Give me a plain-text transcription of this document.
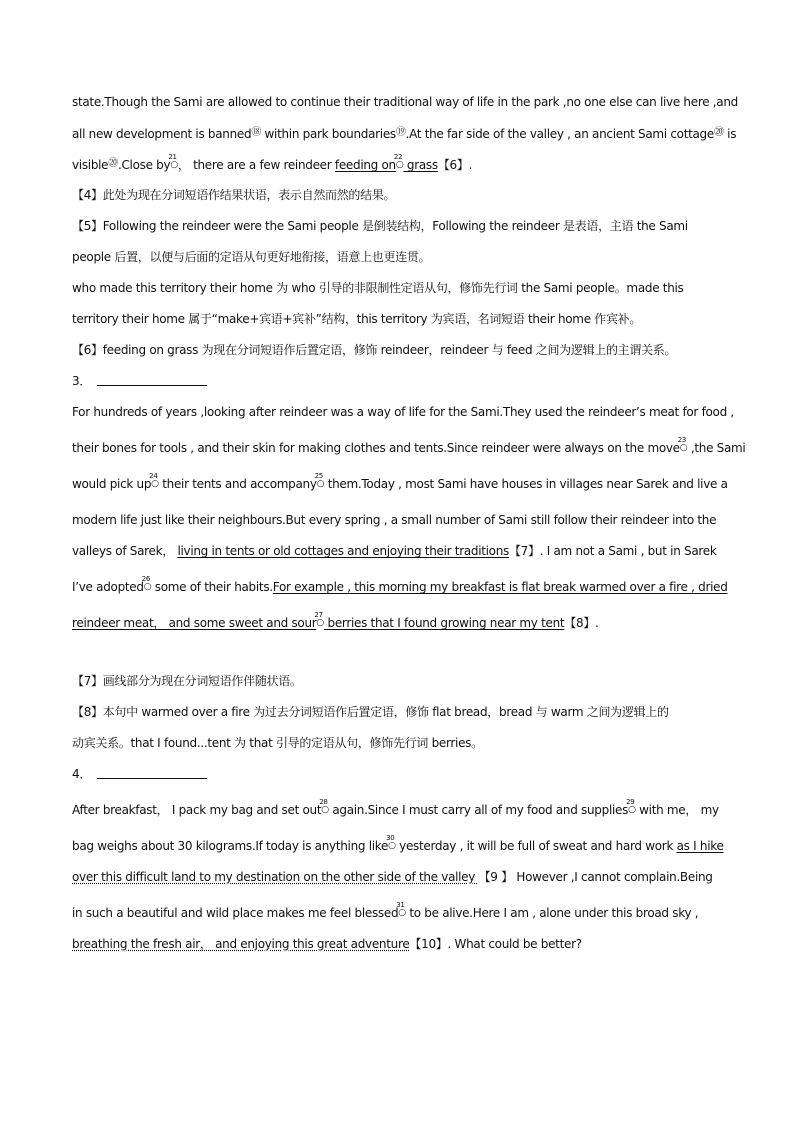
state.Though the Sami are allowed to continue their traditional way of life in the park ,no one else can live here ,and
all new development is banned⑱ within park boundaries⑲.At the far side of the valley , an ancient Sami cottage⑳ is
visible⑳.Close by
21
○， there are a few reindeer feeding on
22
○ grass【6】.
【4】此处为现在分词短语作结果状语，表示自然而然的结果。
【5】Following the reindeer were the Sami people 是倒装结构，Following the reindeer 是表语，主语 the Sami
people 后置，以便与后面的定语从句更好地衔接，语意上也更连贯。
who made this territory their home 为 who 引导的非限制性定语从句，修饰先行词 the Sami people。made this
territory their home 属于“make+宾语+宾补”结构，this territory 为宾语，名词短语 their home 作宾补。
【6】feeding on grass 为现在分词短语作后置定语，修饰 reindeer，reindeer 与 feed 之间为逻辑上的主谓关系。
3．
For hundreds of years ,looking after reindeer was a way of life for the Sami.They used the reindeer’s meat for food ,
their bones for tools , and their skin for making clothes and tents.Since reindeer were always on the move
23
○ ,the Sami
would pick up
24
○ their tents and accompany
25
○ them.Today , most Sami have houses in villages near Sarek and live a
modern life just like their neighbours.But every spring , a small number of Sami still follow their reindeer into the
valleys of Sarek， living in tents or old cottages and enjoying their traditions【7】. I am not a Sami , but in Sarek
I’ve adopted
26
○ some of their habits.For example , this morning my breakfast is flat break warmed over a fire , dried
reindeer meat， and some sweet and sour
27
○ berries that I found growing near my tent【8】.
【7】画线部分为现在分词短语作伴随状语。
【8】本句中 warmed over a fire 为过去分词短语作后置定语，修饰 flat bread，bread 与 warm 之间为逻辑上的
动宾关系。that I found...tent 为 that 引导的定语从句，修饰先行词 berries。
4．
After breakfast， I pack my bag and set out
28
○ again.Since I must carry all of my food and supplies
29
○ with me， my
bag weighs about 30 kilograms.If today is anything like
30
○ yesterday , it will be full of sweat and hard work as I hike
over this difficult land to my destination on the other side of the valley 【9 】 However ,I cannot complain.Being
in such a beautiful and wild place makes me feel blessed
31
○ to be alive.Here I am , alone under this broad sky ,
breathing the fresh air， and enjoying this great adventure【10】. What could be better?
